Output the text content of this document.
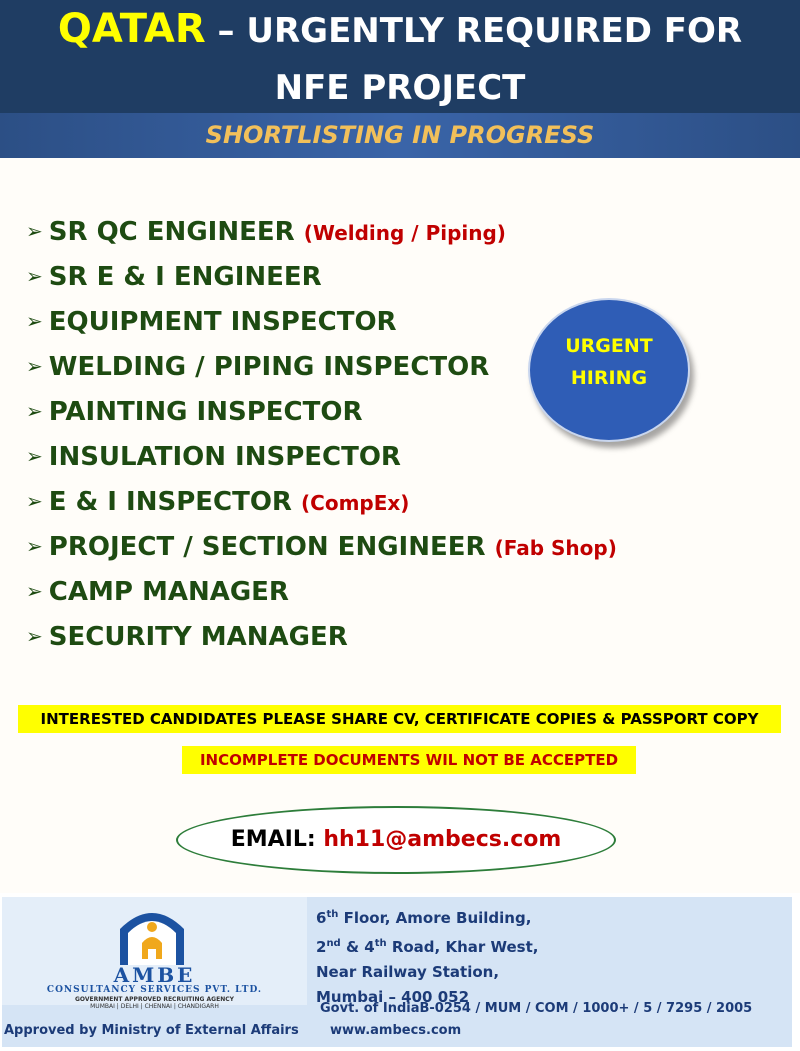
QATAR – URGENTLY REQUIRED FOR
NFE PROJECT
SHORTLISTING IN PROGRESS
➢ SR QC ENGINEER (Welding / Piping)
➢ SR E & I ENGINEER
➢ EQUIPMENT INSPECTOR
➢ WELDING / PIPING INSPECTOR
➢ PAINTING INSPECTOR
➢ INSULATION INSPECTOR
➢ E & I INSPECTOR (CompEx)
➢ PROJECT / SECTION ENGINEER (Fab Shop)
➢ CAMP MANAGER
➢ SECURITY MANAGER
URGENT
HIRING
INTERESTED CANDIDATES PLEASE SHARE CV, CERTIFICATE COPIES & PASSPORT COPY
INCOMPLETE DOCUMENTS WIL NOT BE ACCEPTED
EMAIL: hh11@ambecs.com
AMBE
CONSULTANCY SERVICES PVT. LTD.
GOVERNMENT APPROVED RECRUITING AGENCY
MUMBAI | DELHI | CHENNAI | CHANDIGARH
Approved by Ministry of External Affairs
6th Floor, Amore Building,
2nd & 4th Road, Khar West,
Near Railway Station,
Mumbai – 400 052
Govt. of IndiaB-0254 / MUM / COM / 1000+ / 5 / 7295 / 2005
www.ambecs.com
